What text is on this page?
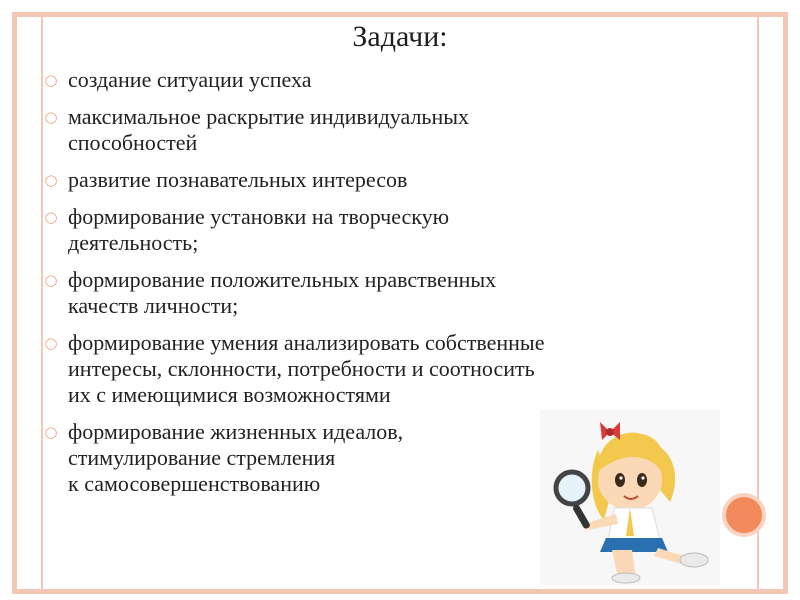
Задачи:
○ создание ситуации успеха
○ максимальное раскрытие индивидуальных
способностей
○ развитие познавательных интересов
○ формирование установки на творческую
деятельность;
○ формирование положительных нравственных
качеств личности;
○ формирование умения анализировать собственные
интересы, склонности, потребности и соотносить
их с имеющимися возможностями
○ формирование жизненных идеалов,
стимулирование стремления
к самосовершенствованию
